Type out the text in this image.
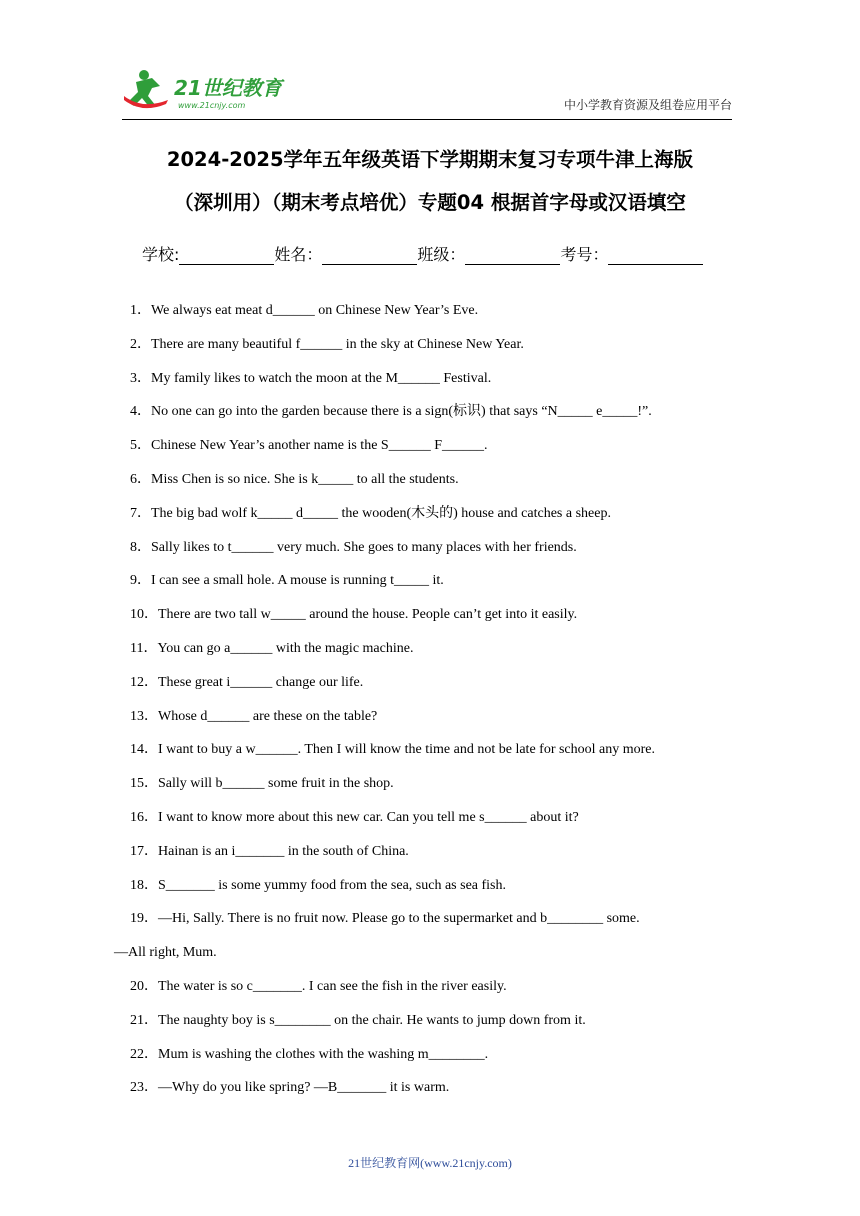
21世纪教育
www.21cnjy.com	中小学教育资源及组卷应用平台
2024-2025学年五年级英语下学期期末复习专项牛津上海版
（深圳用）（期末考点培优）专题04 根据首字母或汉语填空
学校:	姓名：	班级：	考号：
1．We always eat meat d______ on Chinese New Year’s Eve.
2．There are many beautiful f______ in the sky at Chinese New Year.
3．My family likes to watch the moon at the M______ Festival.
4．No one can go into the garden because there is a sign(标识) that says “N_____ e_____!”.
5．Chinese New Year’s another name is the S______ F______.
6．Miss Chen is so nice. She is k_____ to all the students.
7．The big bad wolf k_____ d_____ the wooden(木头的) house and catches a sheep.
8．Sally likes to t______ very much. She goes to many places with her friends.
9．I can see a small hole. A mouse is running t_____ it.
10．There are two tall w_____ around the house. People can’t get into it easily.
11．You can go a______ with the magic machine.
12．These great i______ change our life.
13．Whose d______ are these on the table?
14．I want to buy a w______. Then I will know the time and not be late for school any more.
15．Sally will b______ some fruit in the shop.
16．I want to know more about this new car. Can you tell me s______ about it?
17．Hainan is an i_______ in the south of China.
18．S_______ is some yummy food from the sea, such as sea fish.
19．—Hi, Sally. There is no fruit now. Please go to the supermarket and b________ some.
—All right, Mum.
20．The water is so c_______. I can see the fish in the river easily.
21．The naughty boy is s________ on the chair. He wants to jump down from it.
22．Mum is washing the clothes with the washing m________.
23．—Why do you like spring? —B_______ it is warm.
21世纪教育网(www.21cnjy.com)
